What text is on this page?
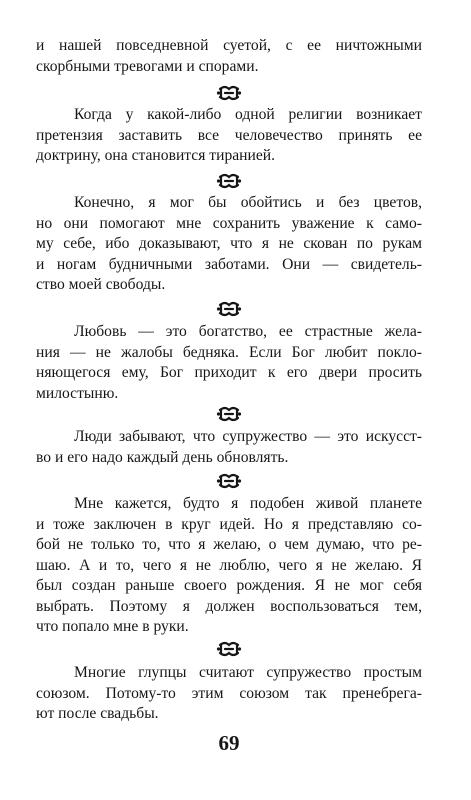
и нашей повседневной суетой, с ее ничтожными
скорбными тревогами и спорами.
Когда у какой-либо одной религии возникает
претензия заставить все человечество принять ее
доктрину, она становится тиранией.
Конечно, я мог бы обойтись и без цветов,
но они помогают мне сохранить уважение к само-
му себе, ибо доказывают, что я не скован по рукам
и ногам будничными заботами. Они — свидетель-
ство моей свободы.
Любовь — это богатство, ее страстные жела-
ния — не жалобы бедняка. Если Бог любит покло-
няющегося ему, Бог приходит к его двери просить
милостыню.
Люди забывают, что супружество — это искусст-
во и его надо каждый день обновлять.
Мне кажется, будто я подобен живой планете
и тоже заключен в круг идей. Но я представляю со-
бой не только то, что я желаю, о чем думаю, что ре-
шаю. А и то, чего я не люблю, чего я не желаю. Я
был создан раньше своего рождения. Я не мог себя
выбрать. Поэтому я должен воспользоваться тем,
что попало мне в руки.
Многие глупцы считают супружество простым
союзом. Потому-то этим союзом так пренебрега-
ют после свадьбы.
69
